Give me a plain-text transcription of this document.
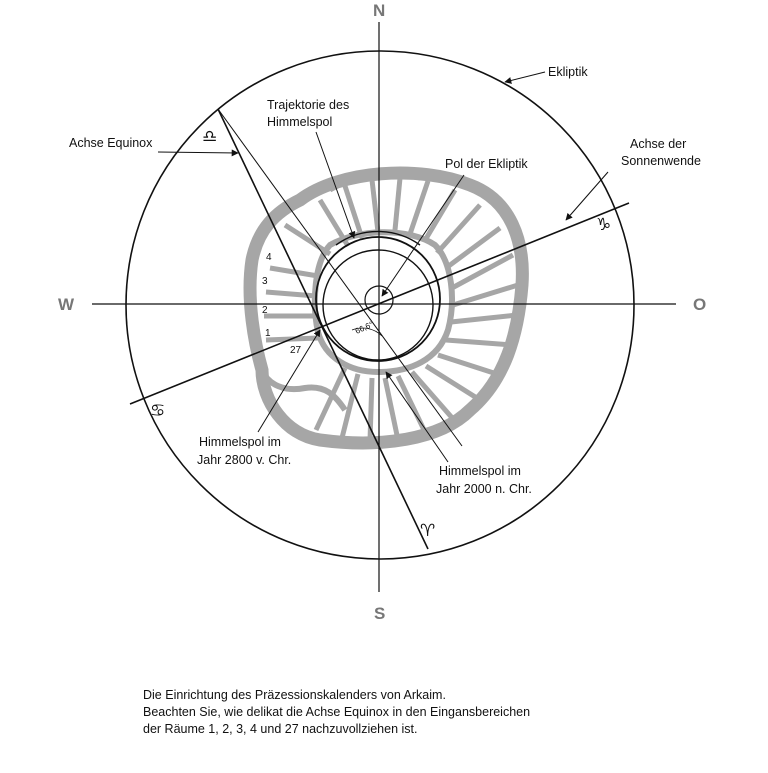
66,6°
N
S
W	O
♎
♑
♋
♈
4
3
2
1
27
Ekliptik
Trajektorie des
Himmelspol
Pol der Ekliptik
Achse Equinox	Achse der
Sonnenwende
Himmelspol im
Jahr 2800 v. Chr.
Himmelspol im
Jahr 2000 n. Chr.
Die Einrichtung des Präzessionskalenders von Arkaim.
Beachten Sie, wie delikat die Achse Equinox in den Eingansbereichen
der Räume 1, 2, 3, 4 und 27 nachzuvollziehen ist.
